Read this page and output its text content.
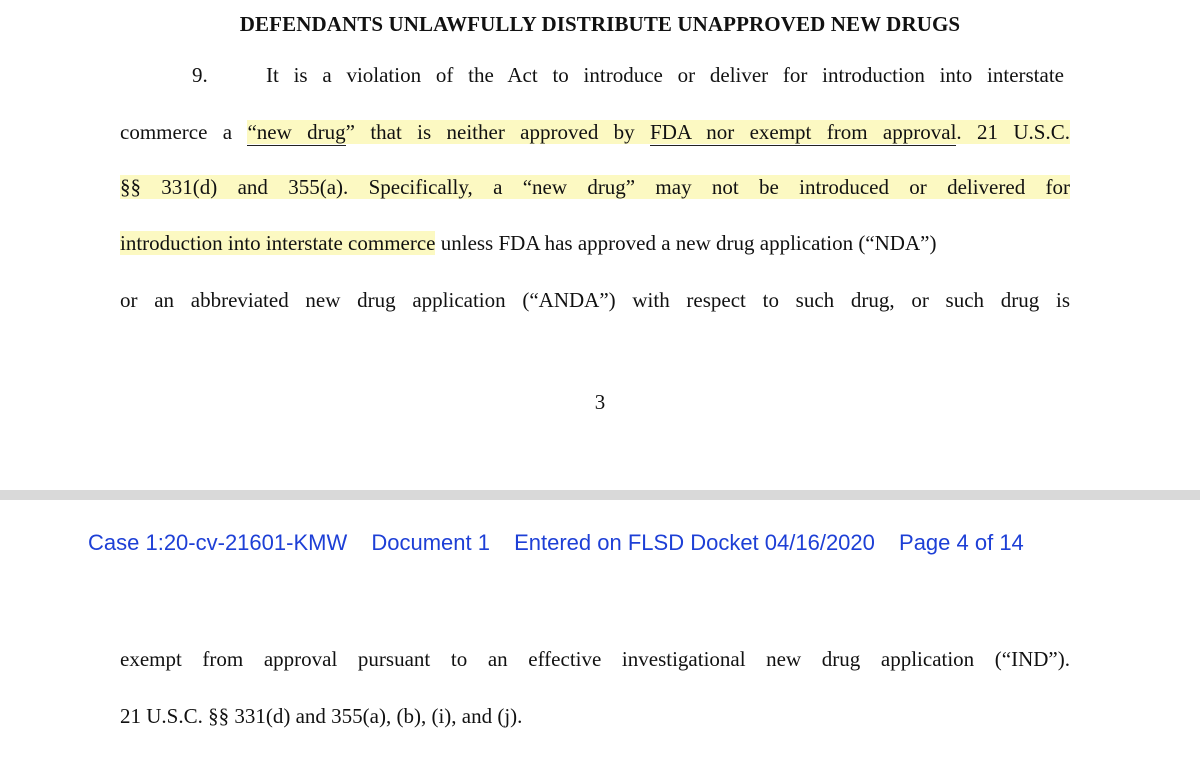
DEFENDANTS UNLAWFULLY DISTRIBUTE UNAPPROVED NEW DRUGS
9.	It is a violation of the Act to introduce or deliver for introduction into interstate
commerce a “new drug” that is neither approved by FDA nor exempt from approval. 21 U.S.C.
§§ 331(d) and 355(a). Specifically, a “new drug” may not be introduced or delivered for
introduction into interstate commerce unless FDA has approved a new drug application (“NDA”)
or an abbreviated new drug application (“ANDA”) with respect to such drug, or such drug is
3
Case 1:20-cv-21601-KMW Document 1 Entered on FLSD Docket 04/16/2020 Page 4 of 14
exempt from approval pursuant to an effective investigational new drug application (“IND”).
21 U.S.C. §§ 331(d) and 355(a), (b), (i), and (j).
